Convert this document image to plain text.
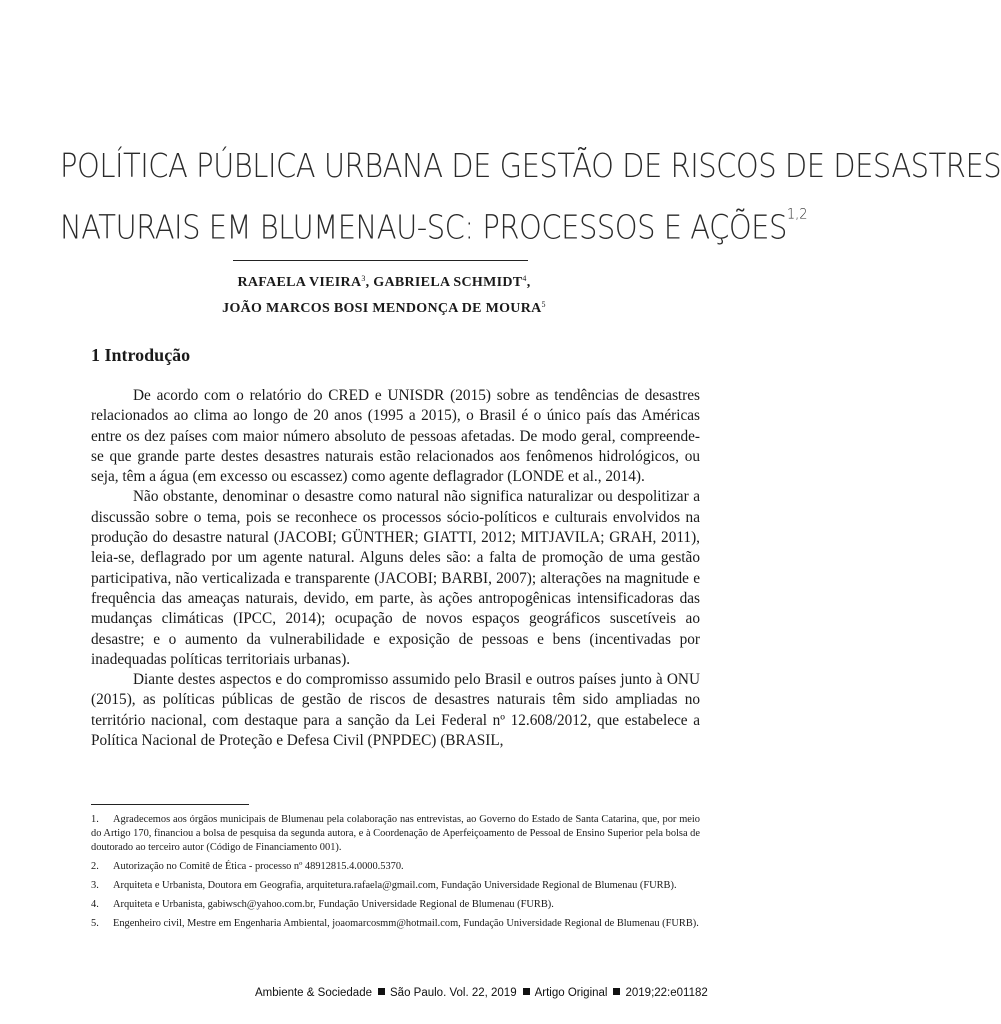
POLÍTICA PÚBLICA URBANA DE GESTÃO DE RISCOS DE DESASTRES
NATURAIS EM BLUMENAU-SC: PROCESSOS E AÇÕES$^{1,2}$
RAFAELA VIEIRA$^3$, GABRIELA SCHMIDT$^4$,
JOÃO MARCOS BOSI MENDONÇA DE MOURA$^5$
1 Introdução

De acordo com o relatório do CRED e UNISDR (2015) sobre as tendências de desastres relacionados ao clima ao longo de 20 anos (1995 a 2015), o Brasil é o único país das Américas entre os dez países com maior número absoluto de pessoas afetadas. De modo geral, compreende-se que grande parte destes desastres naturais estão relacionados aos fenômenos hidrológicos, ou seja, têm a água (em excesso ou escassez) como agente deflagrador (LONDE et al., 2014).

Não obstante, denominar o desastre como natural não significa naturalizar ou despolitizar a discussão sobre o tema, pois se reconhece os processos sócio-políticos e culturais envolvidos na produção do desastre natural (JACOBI; GÜNTHER; GIATTI, 2012; MITJAVILA; GRAH, 2011), leia-se, deflagrado por um agente natural. Alguns deles são: a falta de promoção de uma gestão participativa, não verticalizada e transparente (JACOBI; BARBI, 2007); alterações na magnitude e frequência das ameaças naturais, devido, em parte, às ações antropogênicas intensificadoras das mudanças climáticas (IPCC, 2014); ocupação de novos espaços geográficos suscetíveis ao desastre; e o aumento da vulnerabilidade e exposição de pessoas e bens (incentivadas por inadequadas políticas territoriais urbanas).

Diante destes aspectos e do compromisso assumido pelo Brasil e outros países junto à ONU (2015), as políticas públicas de gestão de riscos de desastres naturais têm sido ampliadas no território nacional, com destaque para a sanção da Lei Federal nº 12.608/2012, que estabelece a Política Nacional de Proteção e Defesa Civil (PNPDEC) (BRASIL,

1. Agradecemos aos órgãos municipais de Blumenau pela colaboração nas entrevistas, ao Governo do Estado de Santa Catarina, que, por meio do Artigo 170, financiou a bolsa de pesquisa da segunda autora, e à Coordenação de Aperfeiçoamento de Pessoal de Ensino Superior pela bolsa de doutorado ao terceiro autor (Código de Financiamento 001).

2. Autorização no Comitê de Ética - processo nº 48912815.4.0000.5370.

3. Arquiteta e Urbanista, Doutora em Geografia, arquitetura.rafaela@gmail.com, Fundação Universidade Regional de Blumenau (FURB).

4. Arquiteta e Urbanista, gabiwsch@yahoo.com.br, Fundação Universidade Regional de Blumenau (FURB).

5. Engenheiro civil, Mestre em Engenharia Ambiental, joaomarcosmm@hotmail.com, Fundação Universidade Regional de Blumenau (FURB).

Ambiente & Sociedade São Paulo. Vol. 22, 2019 Artigo Original 2019;22:e01182
